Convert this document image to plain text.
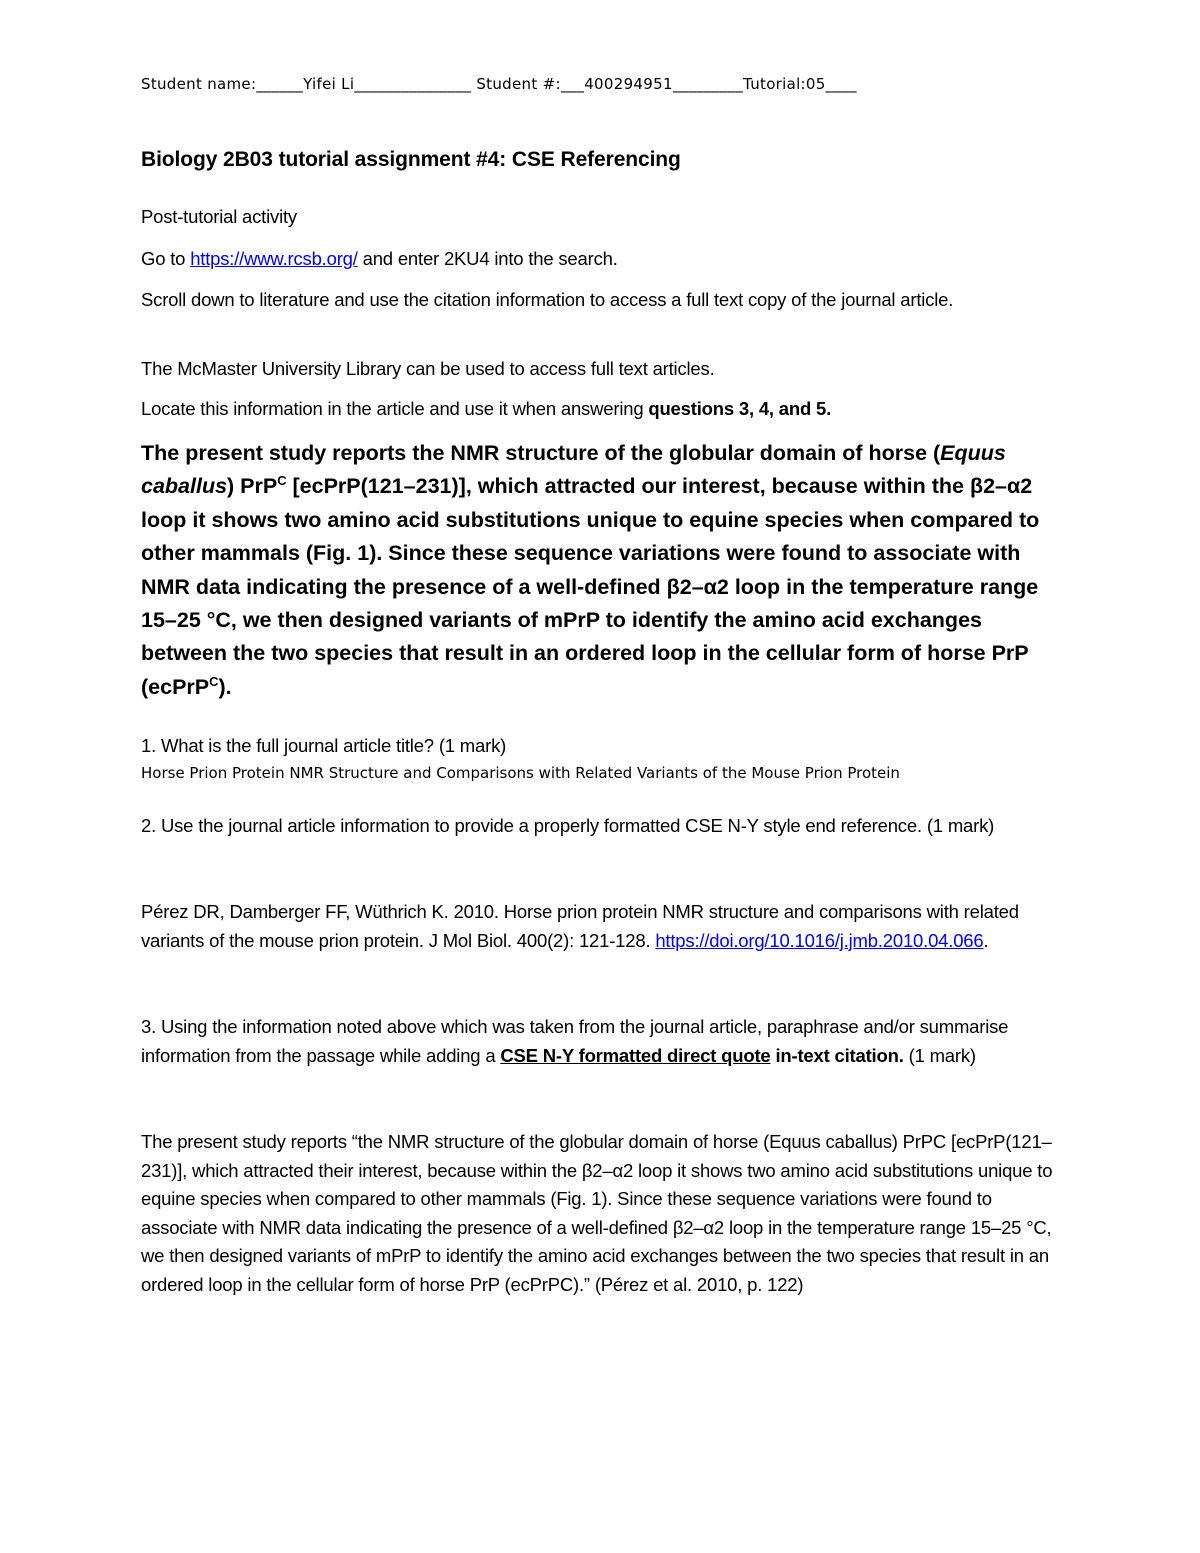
Student name:______Yifei Li_______________ Student #:___400294951_________Tutorial:05____
Biology 2B03 tutorial assignment #4: CSE Referencing
Post-tutorial activity
Go to https://www.rcsb.org/ and enter 2KU4 into the search.
Scroll down to literature and use the citation information to access a full text copy of the journal article.
The McMaster University Library can be used to access full text articles.
Locate this information in the article and use it when answering questions 3, 4, and 5.
The present study reports the NMR structure of the globular domain of horse (Equus caballus) PrP$^C$ [ecPrP(121–231)], which attracted our interest, because within the β2–α2 loop it shows two amino acid substitutions unique to equine species when compared to other mammals (Fig. 1). Since these sequence variations were found to associate with NMR data indicating the presence of a well-defined β2–α2 loop in the temperature range 15–25 °C, we then designed variants of mPrP to identify the amino acid exchanges between the two species that result in an ordered loop in the cellular form of horse PrP (ecPrP$^C$).
1. What is the full journal article title? (1 mark)
Horse Prion Protein NMR Structure and Comparisons with Related Variants of the Mouse Prion Protein
2. Use the journal article information to provide a properly formatted CSE N-Y style end reference. (1 mark)
Pérez DR, Damberger FF, Wüthrich K. 2010. Horse prion protein NMR structure and comparisons with related variants of the mouse prion protein. J Mol Biol. 400(2): 121-128. https://doi.org/10.1016/j.jmb.2010.04.066.
3. Using the information noted above which was taken from the journal article, paraphrase and/or summarise information from the passage while adding a CSE N-Y formatted direct quote in-text citation. (1 mark)
The present study reports “the NMR structure of the globular domain of horse (Equus caballus) PrPC [ecPrP(121–231)], which attracted their interest, because within the β2–α2 loop it shows two amino acid substitutions unique to equine species when compared to other mammals (Fig. 1). Since these sequence variations were found to associate with NMR data indicating the presence of a well-defined β2–α2 loop in the temperature range 15–25 °C, we then designed variants of mPrP to identify the amino acid exchanges between the two species that result in an ordered loop in the cellular form of horse PrP (ecPrPC).” (Pérez et al. 2010, p. 122)
